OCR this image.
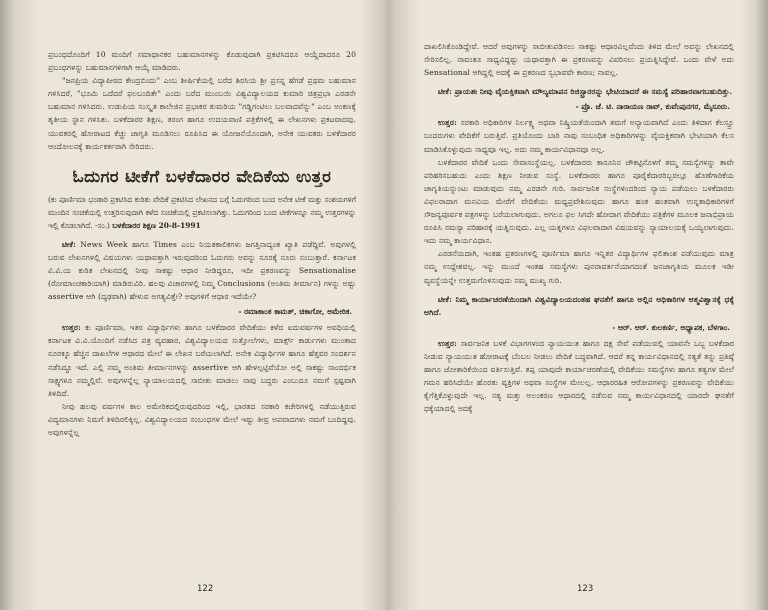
ಪ್ರಬಂಧದೊಂದಿಗೆ 10 ಮಂದಿಗೆ ಸಮಾಧಾನಕರ ಬಹುಮಾನಗಳನ್ನು ಕೊಡುವುದಾಗಿ ಪ್ರಕಟಿಸಿದರೂ ಆಯ್ದೆದಾದರೂ 20 ಪ್ರಬಂಧಗಳನ್ನು ಬಹುಮಾನಗಳಿಗಾಗಿ ಆಯ್ಕೆ ಮಾಡಿದರು.

"ಜನಪ್ರಿಯ ವಿದ್ಯಾಪೀಠದ ಕೇಂದ್ರಬಿಂದು" ಎಂಬ ಶೀರ್ಷಿಕೆಯಲ್ಲಿ ಬರೆದ ಶಿರಸಿಯ ಶ್ರೀ ಪ್ರಸನ್ನ ಹೆಗಡೆ ಪ್ರಥಮ ಬಹುಮಾನ ಗಳಿಸಿದರೆ, "ಭೂಮಿ ಒದೆದರೆ ಫಲಬಂದಿತೇ" ಎಂದು ಬರೆದ ಮುಂಬಯಿ ವಿಶ್ವವಿದ್ಯಾಲಯದ ಕುಮಾರಿ ಚಿತ್ರಪ್ರಭಾ ಎರಡನೇ ಬಹುಮಾನ ಗಳಿಸಿದರು. ಉಡುಪಿಯ ಸಂಸ್ಕೃತ ಕಾಲೇಜಿನ ಪ್ರಭಾಕರ ತುಮರಿಯ "ಗಡ್ಡಿಗಂಟಿಲು ಬಲವಾದವೆನ್ನು" ಎಂಬ ಅಂಕಣಕ್ಕೆ ತೃತೀಯ ಸ್ಥಾನ ಗಳಿಸಿತು. ಬಳಕೆದಾರರ ಶಿಕ್ಷಣ, ತರಂಗ ಹಾಗೂ ಉದಯವಾಣಿ ಪತ್ರಿಕೆಗಳಲ್ಲಿ ಈ ಲೇಖನಗಳು ಪ್ರಕಟವಾದವು. ಯುವಕರಲ್ಲಿ ಹೋರಾಟದ ಕೆಚ್ಚು ಜಾಗೃತಿ ಮೂಡಿಸಲು ರೂಪಿಸಿದ ಈ ಯೋಜನೆಯೊಂದಾಗಿ, ಅನೇಕ ಯುವಕರು ಬಳಕೆದಾರರ ಆಂದೋಲನಕ್ಕೆ ಕಾರ್ಯಕರ್ತರಾಗಿ ಸೇರಿದರು.

ಓದುಗರ ಟೀಕೆಗೆ ಬಳಕೆದಾರರ ವೇದಿಕೆಯ ಉತ್ತರ

(ಕು ಪೂರ್ಣಿಮಾ ಭಂಡಾರಿ ಪ್ರಕಟಿಸಿದ ಕುರಿತು ವೇದಿಕೆ ಪ್ರಕಟಿಸಿದ ಲೇಖನದ ಬಗ್ಗೆ ಓದುಗರಿಂದ ಬಂದ ಅನೇಕ ಟೀಕೆ ಮತ್ತು ಸಂಶಯಗಳಿಗೆ ಮುಂದಿನ ಸಂಚಿಕೆಯಲ್ಲಿ ಉತ್ತರಿಸುವುದಾಗಿ ಕಳೆದ ಸಂಚಿಕೆಯಲ್ಲಿ ಪ್ರಕಟಿಸಲಾಗಿತ್ತು. ಓದುಗರಿಂದ ಬಂದ ಟೀಕೆಗಳನ್ನೂ ನಮ್ಮ ಉತ್ತರಗಳನ್ನು ಇಲ್ಲಿ ಕೊಡಲಾಗಿದೆ. -ಸಂ.) ಬಳಕೆದಾರರ ಶಿಕ್ಷಣ 20-8-1991

ಟೀಕೆ: News Week ಹಾಗೂ Times ಎಂಬ ನಿಯತಕಾಲಿಕಗಳು ಜಗತ್ತಿನಾದ್ಯಂತ ಖ್ಯಾತಿ ಪಡೆದ್ದಿವೆ. ಅವುಗಳಲ್ಲಿ ಬರುವ ಲೇಖನಗಳಲ್ಲಿ ವಿಷಯಗಳು ಯಥಾವತ್ತಾಗಿ ಇರುವುದರಿಂದ ಓದುಗರು ಅವನ್ನು ನೂರಕ್ಕೆ ನೂರು ನಂಬುತ್ತಾರೆ. ಕರ್ನಾಟಕ ವಿ.ವಿ.ಯ ಕುರಿತ ಲೇಖನದಲ್ಲಿ ನೀವು ಸಾಕಷ್ಟು ಆಧಾರ ನೀಡಿದ್ದರೂ, ಇದೀ ಪ್ರಕರಣವನ್ನು Sensationalise (ರೋಮಾಂಚಕಾರಿಯಾಗಿ) ಮಾಡಿರುವಿರಿ. ಹಲವು ವಿಚಾರಗಳಲ್ಲಿ ನಿಮ್ಮ Conclusions (ಅಂತಿಮ ತೀರ್ಮಾನ) ಗಳನ್ನು ಅಷ್ಟು assertive ಆಗಿ (ದೃಢವಾಗಿ) ಹೇಳುವ ಅಗತ್ಯವಿತ್ತೇ? ಅವುಗಳಿಗೆ ಆಧಾರ ಇದೆಯೇ?

- ರಮಾಕಾಂತ ಕಾಮತ್, ಚಿಕಾಗೋ, ಅಮೇರಿಕ.

ಉತ್ತರ: ಕು ಪೂರ್ಣಿಮಾ, ಇತರ ವಿದ್ಯಾರ್ಥಿಗಳು ಹಾಗೂ ಬಳಕೆದಾರರ ವೇದಿಕೆಯು ಕಳೆದ ಐದುವರ್ಷಗಳ ಅವಧಿಯಲ್ಲಿ ಕರ್ನಾಟಕ ವಿ.ವಿ.ಯೊಂದಿಗೆ ನಡೆಸಿದ ಪತ್ರ ವ್ಯವಹಾರ, ವಿಶ್ವವಿದ್ಯಾಲಯದ ಸುತ್ತೋಲೆಗಳು, ಮಾರ್ಕ್ಸ್ ಕಾರ್ಡುಗಳು ಮುಂತಾದ ನೂರಕ್ಕೂ ಹೆಚ್ಚಿನ ದಾಖಲೆಗಳ ಆಧಾರದ ಮೇಲೆ ಈ ಲೇಖನ ಬರೆಯಲಾಗಿದೆ. ಅನೇಕ ವಿದ್ಯಾರ್ಥಿಗಳ ಹಾಗೂ ಹೆತ್ತವರ ಸಂದರ್ಶನ ನಡೆಸಿದ್ದೂ ಇದೆ. ಎಲ್ಲಿ ನಮ್ಮ ಅಂತಿಮ ತೀರ್ಮಾನಗಳನ್ನು assertive ಆಗಿ ಹೇಳಲ್ಪಟ್ಟಿವೆಯೋ ಅಲ್ಲಿ ಸಾಕಷ್ಟು ಸಾಂದರ್ಭಿಕ ಸಾಕ್ಷ್ಯಗಳೂ ನಮ್ಮಲ್ಲಿವೆ. ಅವುಗಳನ್ನೆಲ್ಲ ನ್ಯಾಯಾಲಯದಲ್ಲಿ ಸಾಬೀತು ಮಾಡಲು ನಾವು ಬದ್ಧರು ಎಂಬುದೂ ನಮಗೆ ಸ್ಪಷ್ಟವಾಗಿ ತಿಳಿದಿದೆ.

ನೀವು ಹಲವು ವರ್ಷಗಳ ಕಾಲ ಅಮೇರಿಕದಲ್ಲಿರುವುದರಿಂದ ಇಲ್ಲಿ, ಭಾರತದ ಸರಕಾರಿ ಕಚೇರಿಗಳಲ್ಲಿ ನಡೆಯುತ್ತಿರುವ ವಿದ್ಯಮಾನಗಳು ನಿಮಗೆ ತಿಳಿದಿರಲಿಕ್ಕಿಲ್ಲ. ವಿಶ್ವವಿದ್ಯಾಲಯದ ಸಂಬಂಧಗಳ ಮೇಲೆ ಇಷ್ಟು ತೀವ್ರ ಅಪವಾದಗಳು ನಮಗೆ ಬಂದಿದ್ದವು. ಅವುಗಳನ್ನೆಲ್ಲ

122

ದಾಖಲಿಸಿಕೊಂಡಿದ್ದೇವೆ. ಆದರೆ ಅವುಗಳನ್ನು ಸಾಬೀತುಪಡಿಸಲು ಸಾಕಷ್ಟು ಆಧಾರವಿಲ್ಲವೆಂದು ತಿಳಿದ ಮೇಲೆ ಅವನ್ನು ಲೇಖನದಲ್ಲಿ ಸೇರಿಸಲಿಲ್ಲ. ನಾವಂತೂ ಸಾಧ್ಯವಿದ್ದಷ್ಟು ಯಥಾವತ್ತಾಗಿ ಈ ಪ್ರಕರಣವನ್ನು ವಿವರಿಸಲು ಪ್ರಯತ್ನಿಸಿದ್ದೇವೆ. ಒಂದು ವೇಳೆ ಅದು Sensational ಆಗಿದ್ದಲ್ಲಿ ಅದಕ್ಕೆ ಈ ಪ್ರಕರಣದ ಸ್ವಭಾವವೇ ಕಾರಣ; ನಾವಲ್ಲ.

ಟೀಕೆ: ಪ್ರಾಯಶಃ ನೀವು ವೈಯಕ್ತಿಕವಾಗಿ ಮೌಲ್ಯಮಾಪನ ರಿಜಿಸ್ಟ್ರಾರರನ್ನು ಭೇಟಿಯಾದರೆ ಈ ಸಮಸ್ಯೆ ಪರಿಹಾರವಾಗಬಹುದಿತ್ತು.

- ಪ್ರೊ. ಜೆ. ಟಿ. ನಾರಾಯಣ ರಾವ್, ಕುವೆಂಪುನಗರ, ಮೈಸೂರು.

ಉತ್ತರ: ಸರಕಾರಿ ಅಧಿಕಾರಿಗಳ ನಿರ್ಲಕ್ಷ್ಯ ಅಥವಾ ನಿಷ್ಕ್ರಿಯತೆಯಿಂದಾಗಿ ತಮಗೆ ಅನ್ಯಾಯವಾಗಿದೆ ಎಂದು ತಿಳಿದಾಗ ಕೆಲಸ್ತ್ರೂ ಬಂದರುಗಳು ವೇದಿಕೆಗೆ ಬರುತ್ತಿವೆ. ಪ್ರತಿಯೊಂದು ಬಾರಿ ನಾವು ಸಂಬಂಧಿತ ಅಧಿಕಾರಿಗಳನ್ನು ವೈಯಕ್ತಿಕವಾಗಿ ಭೇಟಿಯಾಗಿ ಕೆಲಸ ಮಾಡಿಸಿಕೊಳ್ಳುವುದು ಸಾಧ್ಯವೂ ಇಲ್ಲ. ಅದು ನಮ್ಮ ಕಾರ್ಯವಿಧಾನವೂ ಅಲ್ಲ.

ಬಳಕೆದಾರರ ವೇದಿಕೆ ಒಂದು ಸೇವಾಸಂಸ್ಥೆಯಲ್ಲ. ಬಳಕೆದಾರರು ಕಾನೂನಿನ ಚೌಕಟ್ಟಿನೊಳಗೆ ತಮ್ಮ ಸಮಸ್ಯೆಗಳನ್ನು ತಾವೇ ಪರಿಹರಿಸಬಹುದು ಎಂದು ಶಿಕ್ಷಣ ನೀಡುವ ಸಂಸ್ಥೆ. ಬಳಕೆದಾರರು ಹಾಗೂ ಪೂರೈಕೆದಾರರಿಬ್ಬರಲ್ಲೂ ಹೊಣೆಗಾರಿಕೆಯ ಜಾಗೃತಿಯನ್ನುಂಟು ಮಾಡುವುದು ನಮ್ಮ ಎರಡನೇ ಗುರಿ. ಸಾರ್ವಜನಿಕ ಸಂಸ್ಥೆಗಳಿಂದರಿಂದ ನ್ಯಾಯ ಪಡೆಯಲು ಬಳಕೆದಾರರು ವಿಫಲರಾದಾಗ ಮನವಿಯ ಮೇರೆಗೆ ವೇದಿಕೆಯು ಮಧ್ಯಪ್ರವೇಶಿಸುವುದು ಹಾಗೂ ಹಂತ ಹಂತವಾಗಿ ಉನ್ನತಾಧಿಕಾರಿಗಳಿಗೆ ಸೌಜನ್ಯಪೂರ್ವಕ ಪತ್ರಗಳನ್ನು ಬರೆಯಲಾಗುವುದು. ಅಗಲೂ ಫಲ ಸಿಗದೇ ಹೋದಾಗ ವೇದಿಕೆಯು ಪತ್ರಿಕೆಗಳ ಮೂಲಕ ಜನಾಭಿಪ್ರಾಯ ರೂಪಿಸಿ ಸಮಸ್ಯಾ ಪರಿಹಾರಕ್ಕೆ ಯತ್ನಿಸುವುದು. ಎಲ್ಲ ಯತ್ನಗಳೂ ವಿಫಲವಾದಾಗ ವಿಷಯವನ್ನು ನ್ಯಾಯಾಲಯಕ್ಕೆ ಒಯ್ಯಲಾಗುವುದು. ಇದು ನಮ್ಮ ಕಾರ್ಯವಿಧಾನ.

ಎರಡನೆಯದಾಗಿ, ಇಂತಹ ಪ್ರಕರಣಗಳಲ್ಲಿ ಪೂರ್ಣಿಮಾ ಹಾಗೂ ಇನ್ನಿತರ ವಿದ್ಯಾರ್ಥಿಗಳ ಫಲಿತಾಂಶ ಪಡೆಯುವುದು ಮಾತ್ರ ನಮ್ಮ ಉದ್ದೇಶವಲ್ಲ. ಇನ್ನು ಮುಂದೆ ಇಂತಹ ಸಮಸ್ಯೆಗಳು ಪುನರಾವರ್ತನೆಯಾಗದಂತೆ ಜನಜಾಗೃತಿಯ ಮೂಲಕ ಇಡೀ ವ್ಯವಸ್ಥೆಯನ್ನೇ ಉತ್ತಮಗೊಳಿಸುವುದು ನಮ್ಮ ಮುಖ್ಯ ಗುರಿ.

ಟೀಕೆ: ನಿಮ್ಮ ಕಾರ್ಯಾಚರಣೆಯಿಂದಾಗಿ ವಿಶ್ವವಿದ್ಯಾಲಯದಂತಹ ಘನತೆಗೆ ಹಾಗೂ ಅಲ್ಲಿನ ಅಧಿಕಾರಿಗಳ ಆತ್ಮವಿಶ್ವಾಸಕ್ಕೆ ಧಕ್ಕೆ ಆಗಿದೆ.

- ಆರ್. ಆರ್. ಕುಲಕರ್ಣಿ, ಅಧ್ಯಾಪಕ, ಬೆಳಗಾಂ.

ಉತ್ತರ: ಸಾರ್ವಜನಿಕ ಬಳಕೆ ವಿಭಾಗಗಳಂದ ನ್ಯಾಯಯುತ ಹಾಗೂ ದಕ್ಷ ಸೇವೆ ಪಡೆಯುವಲ್ಲಿ ಯಾವನೇ ಒಬ್ಬ ಬಳಕೆದಾರ ನೀಡುವ ನ್ಯಾಯಯುತ ಹೋರಾಟಕ್ಕೆ ಬೆಂಬಲ ನೀಡಲು ವೇದಿಕೆ ಬದ್ಧವಾಗಿದೆ. ಆದರೆ ತನ್ನ ಕಾರ್ಯವಿಧಾನದಲ್ಲಿ ಸತ್ಯತೆ ತನ್ನು ಪ್ರತಿಷ್ಠೆ ಹಾಗೂ ಜೋತಾರಿಕೆಯಿಂದ ವರ್ತಿಸುತ್ತಿವೆ. ತಪ್ಪ ಯಾವುದೇ ಕಾರ್ಯಾಚರಣೆಯಲ್ಲಿ ವೇದಿಕೆಯು ಸಮಸ್ಯೆಗಳು ಹಾಗೂ ತತ್ವಗಳ ಮೇಲೆ ಗಮನ ಹರಿಸಿದೆಯೇ ಹೊರತು ವ್ಯಕ್ತಿಗಳ ಅಥವಾ ಸಂಸ್ಥೆಗಳ ಮೇಲಲ್ಲ. ಆಧಾರರಹಿತ ಆರೋಪಗಳನ್ನು ಪ್ರಕರಣವನ್ನು ವೇದಿಕೆಯು ಕೈಗೆತ್ತಿಕೊಳ್ಳುವುದೇ ಇಲ್ಲ. ಸತ್ಯ ಮತ್ತು ಅಲಂಕರಣ ಆಧಾರದಲ್ಲಿ ನಡೆಸುವ ನಮ್ಮ ಕಾರ್ಯವಿಧಾನದಲ್ಲಿ ಯಾರದೇ ಘನತೆಗೆ ಧಕ್ಕೆಯಾದಲ್ಲಿ ಅದಕ್ಕೆ

123
